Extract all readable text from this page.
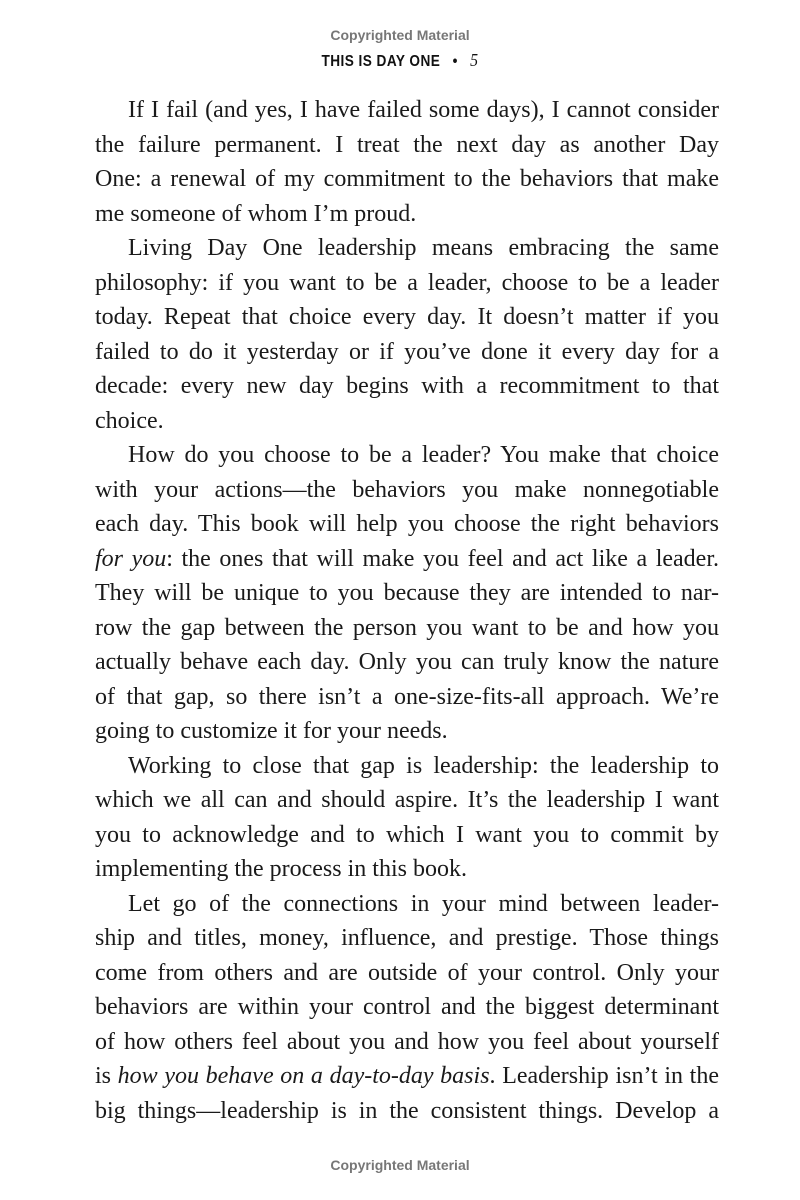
Copyrighted Material
THIS IS DAY ONE • 5
If I fail (and yes, I have failed some days), I cannot consider
the failure permanent. I treat the next day as another Day
One: a renewal of my commitment to the behaviors that make
me someone of whom I’m proud.
Living Day One leadership means embracing the same
philosophy: if you want to be a leader, choose to be a leader
today. Repeat that choice every day. It doesn’t matter if you
failed to do it yesterday or if you’ve done it every day for a
decade: every new day begins with a recommitment to that
choice.
How do you choose to be a leader? You make that choice
with your actions—the behaviors you make nonnegotiable
each day. This book will help you choose the right behaviors
for you: the ones that will make you feel and act like a leader.
They will be unique to you because they are intended to nar-
row the gap between the person you want to be and how you
actually behave each day. Only you can truly know the nature
of that gap, so there isn’t a one-size-fits-all approach. We’re
going to customize it for your needs.
Working to close that gap is leadership: the leadership to
which we all can and should aspire. It’s the leadership I want
you to acknowledge and to which I want you to commit by
implementing the process in this book.
Let go of the connections in your mind between leader-
ship and titles, money, influence, and prestige. Those things
come from others and are outside of your control. Only your
behaviors are within your control and the biggest determinant
of how others feel about you and how you feel about yourself
is how you behave on a day-to-day basis. Leadership isn’t in the
big things—leadership is in the consistent things. Develop a
Copyrighted Material
